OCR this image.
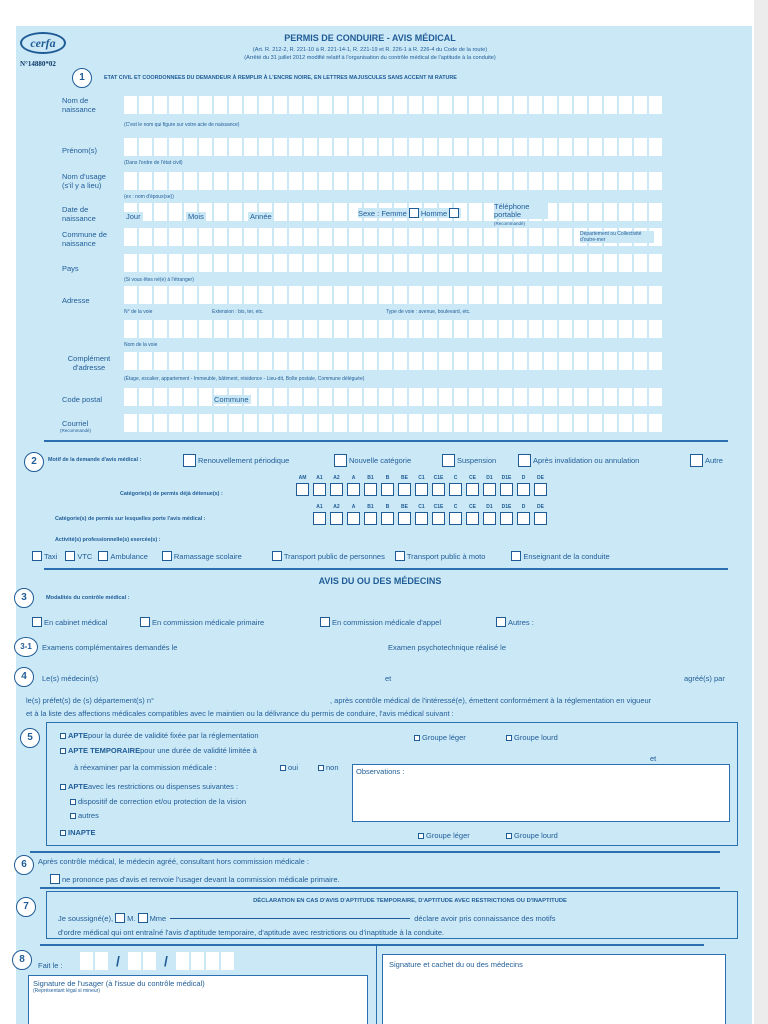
cerfa
N°14880*02
PERMIS DE CONDUIRE - AVIS MÉDICAL
(Art. R. 212-2, R. 221-10 à R. 221-14-1, R. 221-19 et R. 226-1 à R. 226-4 du Code de la route)
(Arrêté du 31 juillet 2012 modifié relatif à l'organisation du contrôle médical de l'aptitude à la conduite)
1	ETAT CIVIL ET COORDONNEES DU DEMANDEUR À REMPLIR À L'ENCRE NOIRE, EN LETTRES MAJUSCULES SANS ACCENT NI RATURE
Nom de naissance
(C'est le nom qui figure sur votre acte de naissance)
Prénom(s)
(Dans l'ordre de l'état civil)
Nom d'usage (s'il y a lieu)
(ex : nom d'époux(se))
Date de naissance	Jour	Mois	Année	Sexe : Femme
Homme

Téléphone portable
(Recommandé)
Commune de naissance
Département ou Collectivité d'outre-mer
Pays
(Si vous êtes né(e) à l'étranger)
Adresse
N° de la voie	Extension : bis, ter, etc.	Type de voie : avenue, boulevard, etc.
Nom de la voie
Complément d'adresse
(Étage, escalier, appartement - Immeuble, bâtiment, résidence - Lieu-dit, Boîte postale, Commune déléguée)
Code postal	Commune
Courriel
(Recommandé)
2	Motif de la demande d'avis médical :	Renouvellement périodique	Nouvelle catégorie	Suspension	Après invalidation ou annulation	Autre
Catégorie(s) de permis déjà détenue(s) :
AM A1 A2 A B1 B BE C1 C1E C CE D1 D1E D DE
Catégorie(s) de permis sur lesquelles porte l'avis médical :
A1 A2 A B1 B BE C1 C1E C CE D1 D1E D DE
Activité(s) professionnelle(s) exercée(s) :
Taxi	VTC Ambulance	Ramassage scolaire	Transport public de personnes	Transport public à moto	Enseignant de la conduite
AVIS DU OU DES MÉDECINS
3	Modalités du contrôle médical :
En cabinet médical	En commission médicale primaire	En commission médicale d'appel	Autres :
3-1	Examens complémentaires demandés le	Examen psychotechnique réalisé le
4	Le(s) médecin(s)	et	agréé(s) par
le(s) préfet(s) de (s) département(s) n°	, après contrôle médical de l'intéressé(e), émettent conformément à la réglementation en vigueur
et à la liste des affections médicales compatibles avec le maintien ou la délivrance du permis de conduire, l'avis médical suivant :
5	APTE pour la durée de validité fixée par la réglementation
APTE TEMPORAIRE pour une durée de validité limitée à
à réexaminer par la commission médicale :	oui	non
APTE avec les restrictions ou dispenses suivantes :
dispositif de correction et/ou protection de la vision
autres
INAPTE
Groupe léger	Groupe lourd
et
Observations :
Groupe léger	Groupe lourd
6	Après contrôle médical, le médecin agréé, consultant hors commission médicale :
ne prononce pas d'avis et renvoie l'usager devant la commission médicale primaire.
7	DÉCLARATION EN CAS D'AVIS D'APTITUDE TEMPORAIRE, D'APTITUDE AVEC RESTRICTIONS OU D'INAPTITUDE
Je soussigné(e),
M.
Mme	déclare avoir pris connaissance des motifs
d'ordre médical qui ont entraîné l'avis d'aptitude temporaire, d'aptitude avec restrictions ou d'inaptitude à la conduite.
8
Fait le :	/	/
Signature de l'usager (à l'issue du contrôle médical)
(Représentant légal si mineur)
Signature et cachet du ou des médecins
